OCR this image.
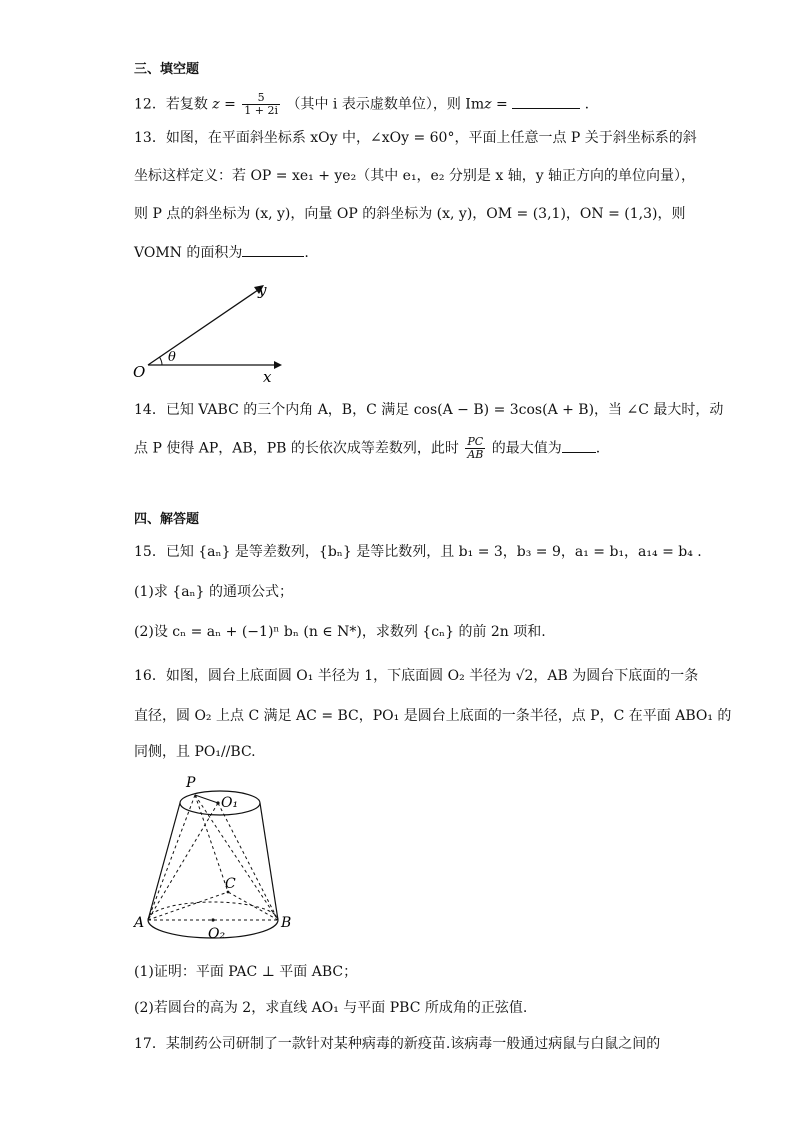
三、填空题
12．若复数 $z = \frac{5}{1 + 2i}$ （其中 i 表示虚数单位），则 Imz =	.
13．如图，在平面斜坐标系 xOy 中，∠xOy = 60°，平面上任意一点 P 关于斜坐标系的斜
坐标这样定义：若 OP = xe₁ + ye₂（其中 e₁，e₂ 分别是 x 轴，y 轴正方向的单位向量），
则 P 点的斜坐标为 (x, y)，向量 OP 的斜坐标为 (x, y)，OM = (3,1)，ON = (1,3)，则
VOMN 的面积为	.
θ
O	x
y
14．已知 VABC 的三个内角 A，B，C 满足 cos(A − B) = 3cos(A + B)，当 ∠C 最大时，动
点 P 使得 AP，AB，PB 的长依次成等差数列，此时 $\frac{PC}{AB}$ 的最大值为 .
四、解答题
15．已知 {aₙ} 是等差数列，{bₙ} 是等比数列，且 b₁ = 3，b₃ = 9，a₁ = b₁，a₁₄ = b₄ .
(1)求 {aₙ} 的通项公式；
(2)设 cₙ = aₙ + (−1)ⁿ bₙ (n ∈ N*)，求数列 {cₙ} 的前 2n 项和.
16．如图，圆台上底面圆 O₁ 半径为 1，下底面圆 O₂ 半径为 √2，AB 为圆台下底面的一条
直径，圆 O₂ 上点 C 满足 AC = BC，PO₁ 是圆台上底面的一条半径，点 P，C 在平面 ABO₁ 的
同侧，且 PO₁//BC.
P
O₁
C
A	B
O₂
(1)证明：平面 PAC ⊥ 平面 ABC；
(2)若圆台的高为 2，求直线 AO₁ 与平面 PBC 所成角的正弦值.
17．某制药公司研制了一款针对某种病毒的新疫苗.该病毒一般通过病鼠与白鼠之间的
